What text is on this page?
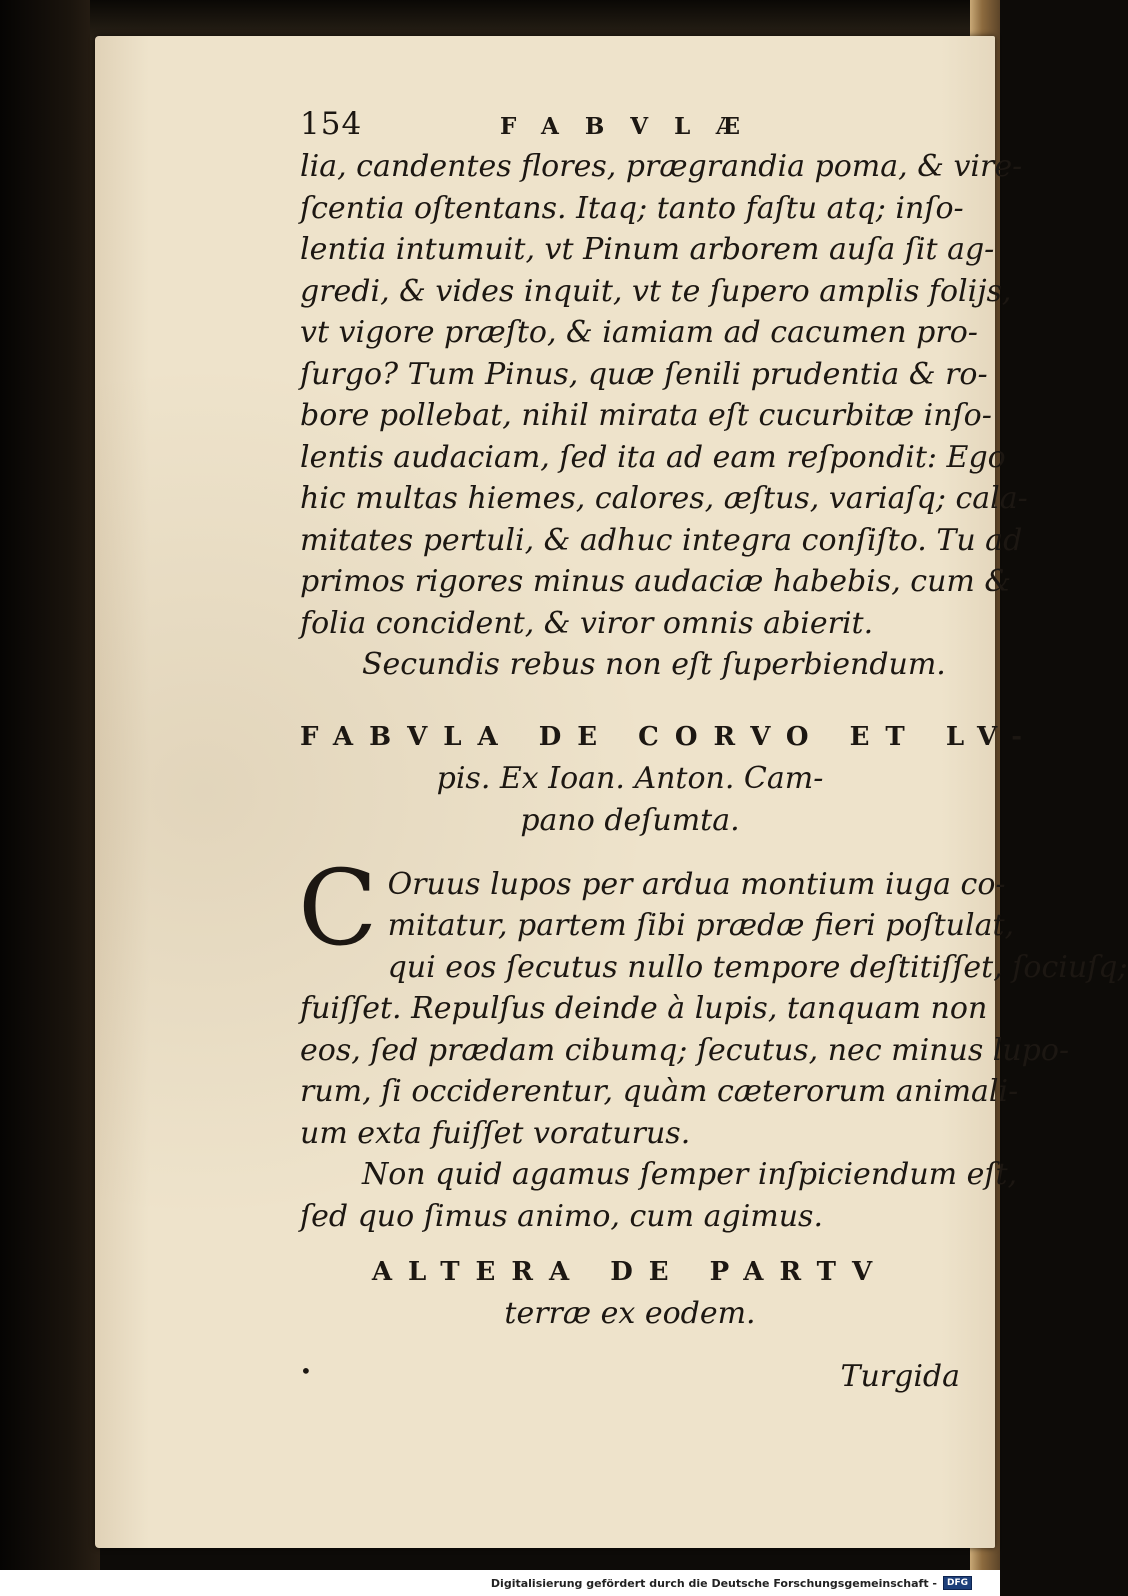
154	FABVLÆ
lia, candentes flores, prægrandia poma, & vire-
ſcentia oſtentans. Itaq; tanto faſtu atq; inſo-
lentia intumuit, vt Pinum arborem auſa ſit ag-
gredi, & vides inquit, vt te ſupero amplis folijs,
vt vigore præſto, & iamiam ad cacumen pro-
ſurgo? Tum Pinus, quæ ſenili prudentia & ro-
bore pollebat, nihil mirata eſt cucurbitæ inſo-
lentis audaciam, ſed ita ad eam reſpondit: Ego
hic multas hiemes, calores, æſtus, variaſq; cala-
mitates pertuli, & adhuc integra conſiſto. Tu ad
primos rigores minus audaciæ habebis, cum &
folia concident, & viror omnis abierit.
Secundis rebus non eſt ſuperbiendum.
FABVLA DE CORVO ET LV-
pis. Ex Ioan. Anton. Cam-
pano deſumta.
C Oruus lupos per ardua montium iuga co-
mitatur, partem ſibi prædæ fieri poſtulat,
qui eos ſecutus nullo tempore deſtitiſſet, ſociuſq;
fuiſſet. Repulſus deinde à lupis, tanquam non
eos, ſed prædam cibumq; ſecutus, nec minus lupo-
rum, ſi occiderentur, quàm cæterorum animali-
um exta fuiſſet voraturus.
Non quid agamus ſemper inſpiciendum eſt,
ſed quo ſimus animo, cum agimus.
ALTERA DE PARTV
terræ ex eodem.
•	Turgida
Digitalisierung gefördert durch die Deutsche Forschungsgemeinschaft -	DFG
